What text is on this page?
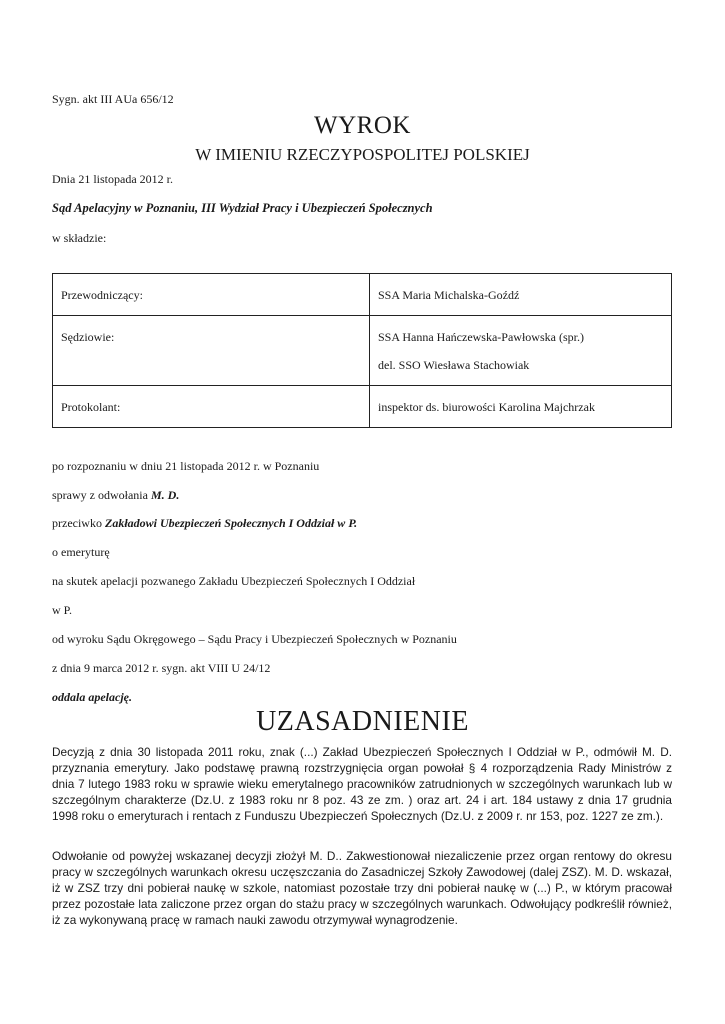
Sygn. akt III AUa 656/12
WYROK
W IMIENIU RZECZYPOSPOLITEJ POLSKIEJ
Dnia 21 listopada 2012 r.
Sąd Apelacyjny w Poznaniu, III Wydział Pracy i Ubezpieczeń Społecznych
w składzie:
Przewodniczący:	SSA Maria Michalska-Goźdź
Sędziowie:	SSA Hanna Hańczewska-Pawłowska (spr.)
del. SSO Wiesława Stachowiak

Protokolant:	inspektor ds. biurowości Karolina Majchrzak
po rozpoznaniu w dniu 21 listopada 2012 r. w Poznaniu
sprawy z odwołania M. D.
przeciwko Zakładowi Ubezpieczeń Społecznych I Oddział w P.
o emeryturę
na skutek apelacji pozwanego Zakładu Ubezpieczeń Społecznych I Oddział
w P.
od wyroku Sądu Okręgowego – Sądu Pracy i Ubezpieczeń Społecznych w Poznaniu
z dnia 9 marca 2012 r. sygn. akt VIII U 24/12
oddala apelację.
UZASADNIENIE
Decyzją z dnia 30 listopada 2011 roku, znak (...) Zakład Ubezpieczeń Społecznych I Oddział w P., odmówił M. D. przyznania emerytury. Jako podstawę prawną rozstrzygnięcia organ powołał § 4 rozporządzenia Rady Ministrów z dnia 7 lutego 1983 roku w sprawie wieku emerytalnego pracowników zatrudnionych w szczególnych warunkach lub w szczególnym charakterze (Dz.U. z 1983 roku nr 8 poz. 43 ze zm. ) oraz art. 24 i art. 184 ustawy z dnia 17 grudnia 1998 roku o emeryturach i rentach z Funduszu Ubezpieczeń Społecznych (Dz.U. z 2009 r. nr 153, poz. 1227 ze zm.).
Odwołanie od powyżej wskazanej decyzji złożył M. D.. Zakwestionował niezaliczenie przez organ rentowy do okresu pracy w szczególnych warunkach okresu uczęszczania do Zasadniczej Szkoły Zawodowej (dalej ZSZ). M. D. wskazał, iż w ZSZ trzy dni pobierał naukę w szkole, natomiast pozostałe trzy dni pobierał naukę w (...) P., w którym pracował przez pozostałe lata zaliczone przez organ do stażu pracy w szczególnych warunkach. Odwołujący podkreślił również, iż za wykonywaną pracę w ramach nauki zawodu otrzymywał wynagrodzenie.
